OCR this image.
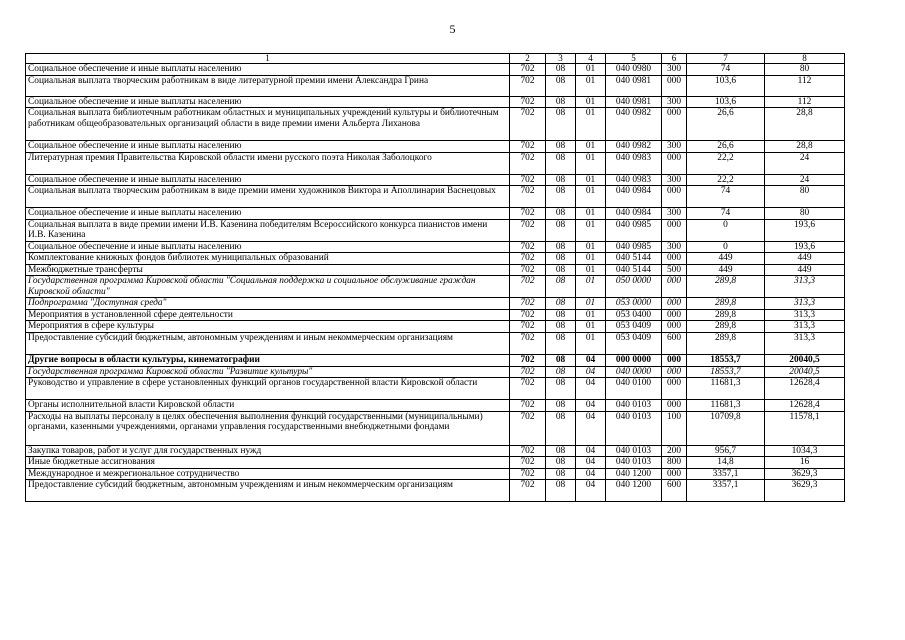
5
1	2	3	4	5	6	7	8
Социальное обеспечение и иные выплаты населению	702	08	01	040 0980	300	74	80
Социальная выплата творческим работникам в виде литературной премии имени Александра Грина	702	08	01	040 0981	000	103,6	112
Социальное обеспечение и иные выплаты населению	702	08	01	040 0981	300	103,6	112
Социальная выплата библиотечным работникам областных и муниципальных учреждений культуры и библиотечным работникам общеобразовательных организаций области в виде премии имени Альберта Лиханова	702	08	01	040 0982	000	26,6	28,8
Социальное обеспечение и иные выплаты населению	702	08	01	040 0982	300	26,6	28,8
Литературная премия Правительства Кировской области имени русского поэта Николая Заболоцкого	702	08	01	040 0983	000	22,2	24
Социальное обеспечение и иные выплаты населению	702	08	01	040 0983	300	22,2	24
Социальная выплата творческим работникам в виде премии имени художников Виктора и Аполлинария Васнецовых	702	08	01	040 0984	000	74	80
Социальное обеспечение и иные выплаты населению	702	08	01	040 0984	300	74	80
Социальная выплата в виде премии имени И.В. Казенина победителям Всероссийского конкурса пианистов имени И.В. Казенина	702	08	01	040 0985	000	0	193,6
Социальное обеспечение и иные выплаты населению	702	08	01	040 0985	300	0	193,6
Комплектование книжных фондов библиотек муниципальных образований	702	08	01	040 5144	000	449	449
Межбюджетные трансферты	702	08	01	040 5144	500	449	449
Государственная программа Кировской области "Социальная поддержка и социальное обслуживание граждан Кировской области"	702	08	01	050 0000	000	289,8	313,3
Подпрограмма "Доступная среда"	702	08	01	053 0000	000	289,8	313,3
Мероприятия в установленной сфере деятельности	702	08	01	053 0400	000	289,8	313,3
Мероприятия в сфере культуры	702	08	01	053 0409	000	289,8	313,3
Предоставление субсидий бюджетным, автономным учреждениям и иным некоммерческим организациям	702	08	01	053 0409	600	289,8	313,3
Другие вопросы в области культуры, кинематографии	702	08	04	000 0000	000	18553,7	20040,5
Государственная программа Кировской области "Развитие культуры"	702	08	04	040 0000	000	18553,7	20040,5
Руководство и управление в сфере установленных функций органов государственной власти Кировской области	702	08	04	040 0100	000	11681,3	12628,4
Органы исполнительной власти Кировской области	702	08	04	040 0103	000	11681,3	12628,4
Расходы на выплаты персоналу в целях обеспечения выполнения функций государственными (муниципальными) органами, казенными учреждениями, органами управления государственными внебюджетными фондами	702	08	04	040 0103	100	10709,8	11578,1
Закупка товаров, работ и услуг для государственных нужд	702	08	04	040 0103	200	956,7	1034,3
Иные бюджетные ассигнования	702	08	04	040 0103	800	14,8	16
Международное и межрегиональное сотрудничество	702	08	04	040 1200	000	3357,1	3629,3
Предоставление субсидий бюджетным, автономным учреждениям и иным некоммерческим организациям	702	08	04	040 1200	600	3357,1	3629,3
